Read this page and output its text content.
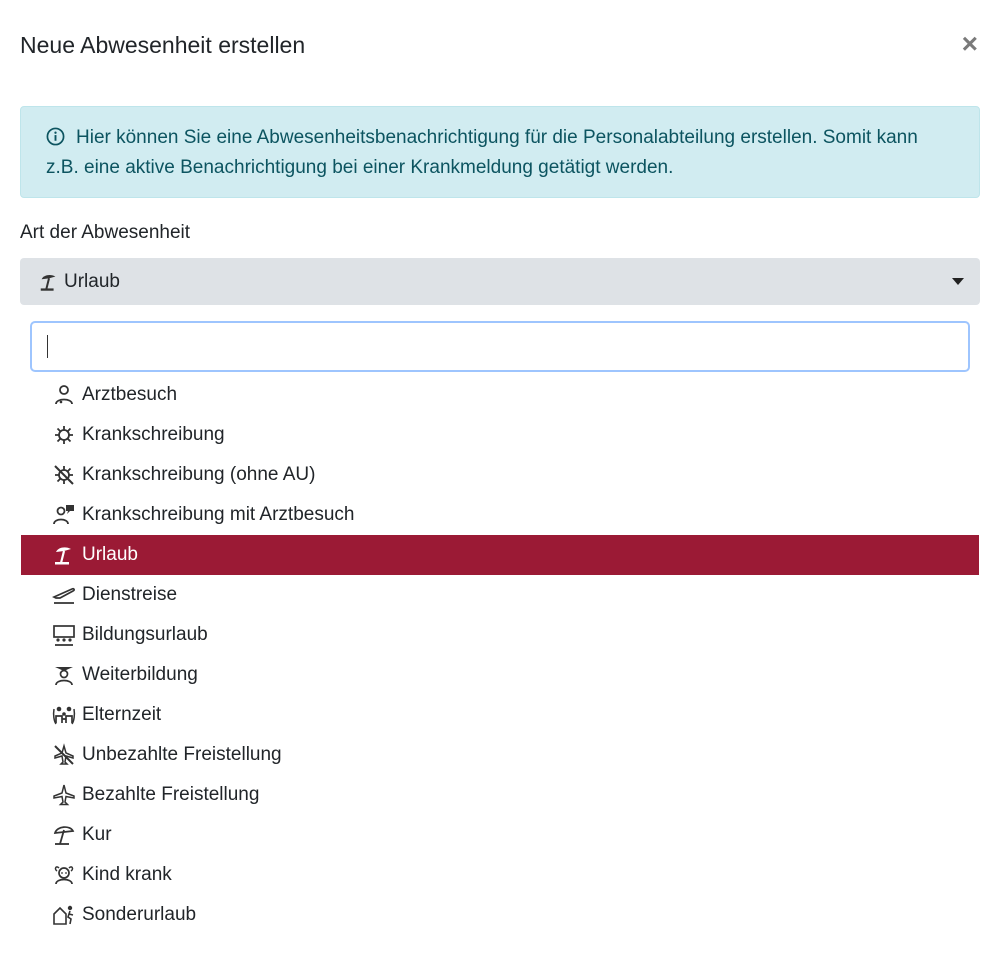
Neue Abwesenheit erstellen	×
Hier können Sie eine Abwesenheitsbenachrichtigung für die Personalabteilung erstellen. Somit kann z.B. eine aktive Benachrichtigung bei einer Krankmeldung getätigt werden.
Art der Abwesenheit
Urlaub
Arztbesuch
Krankschreibung
Krankschreibung (ohne AU)
Krankschreibung mit Arztbesuch
Urlaub
Dienstreise
Bildungsurlaub
Weiterbildung
Elternzeit
Unbezahlte Freistellung
Bezahlte Freistellung
Kur
Kind krank
Sonderurlaub
